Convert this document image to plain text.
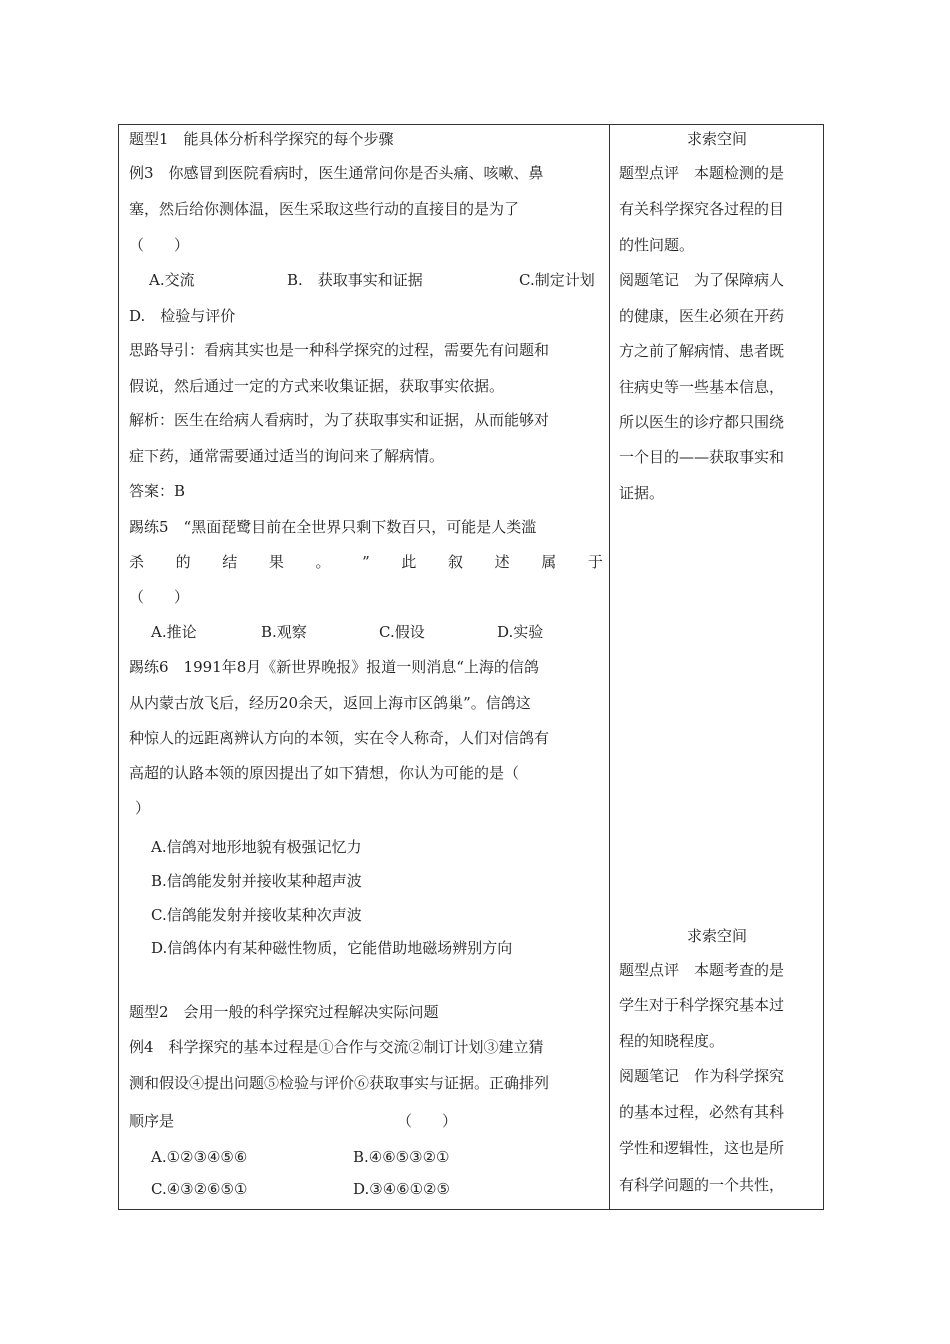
题型1　能具体分析科学探究的每个步骤
例3　你感冒到医院看病时，医生通常问你是否头痛、咳嗽、鼻
塞，然后给你测体温，医生采取这些行动的直接目的是为了
（　　）
A.交流	B.　获取事实和证据	C.制定计划
D.　检验与评价
思路导引：看病其实也是一种科学探究的过程，需要先有问题和
假说，然后通过一定的方式来收集证据，获取事实依据。
解析：医生在给病人看病时，为了获取事实和证据，从而能够对
症下药，通常需要通过适当的询问来了解病情。
答案：B
踢练5　“黑面琵鹭目前在全世界只剩下数百只，可能是人类滥
杀 的 结 果 。 ” 此 叙 述 属 于
（　　）
A.推论	B.观察	C.假设	D.实验
踢练6　1991年8月《新世界晚报》报道一则消息“上海的信鸽
从内蒙古放飞后，经历20余天，返回上海市区鸽巢”。信鸽这
种惊人的远距离辨认方向的本领，实在令人称奇，人们对信鸽有
高超的认路本领的原因提出了如下猜想，你认为可能的是（
）
A.信鸽对地形地貌有极强记忆力
B.信鸽能发射并接收某种超声波
C.信鸽能发射并接收某种次声波
D.信鸽体内有某种磁性物质，它能借助地磁场辨别方向
题型2　会用一般的科学探究过程解决实际问题
例4　科学探究的基本过程是①合作与交流②制订计划③建立猜
测和假设④提出问题⑤检验与评价⑥获取事实与证据。正确排列
顺序是	（　　）
A.①②③④⑤⑥	B.④⑥⑤③②①
C.④③②⑥⑤①	D.③④⑥①②⑤
求索空间
题型点评　本题检测的是
有关科学探究各过程的目
的性问题。
阅题笔记　为了保障病人
的健康，医生必须在开药
方之前了解病情、患者既
往病史等一些基本信息，
所以医生的诊疗都只围绕
一个目的——获取事实和
证据。
求索空间
题型点评　本题考查的是
学生对于科学探究基本过
程的知晓程度。
阅题笔记　作为科学探究
的基本过程，必然有其科
学性和逻辑性，这也是所
有科学问题的一个共性，
